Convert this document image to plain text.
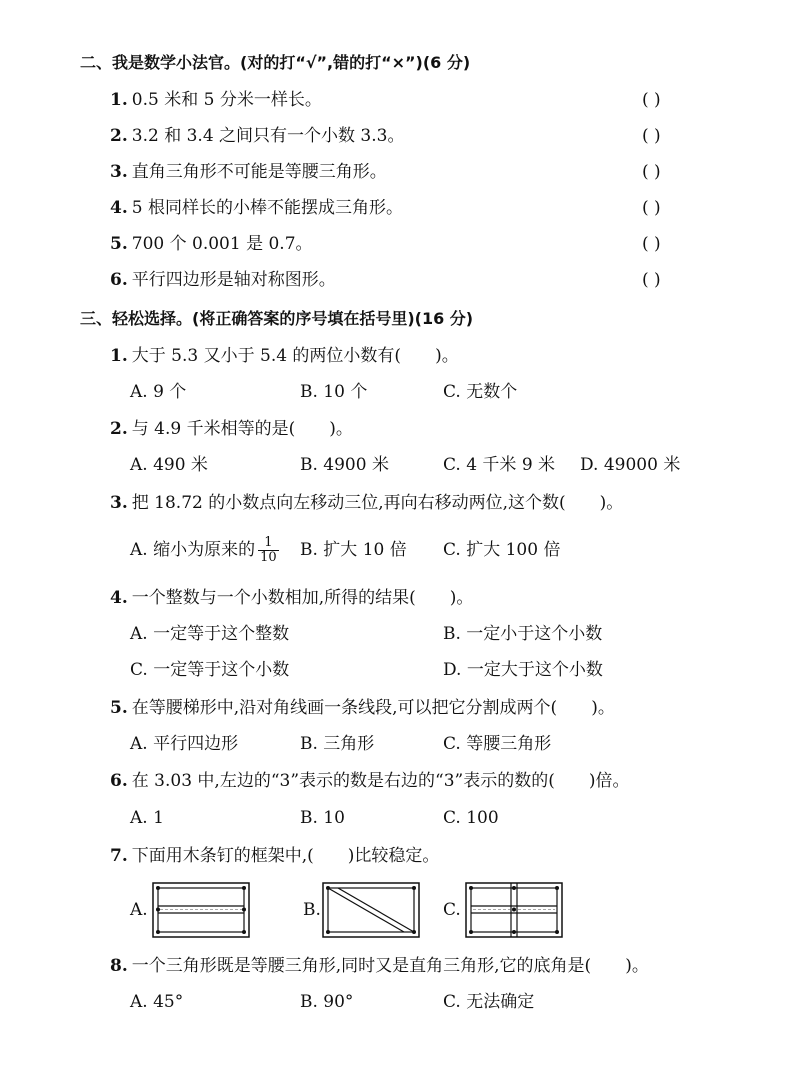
二、我是数学小法官。(对的打“√”,错的打“×”)(6 分)
1. 0.5 米和 5 分米一样长。	( )
2. 3.2 和 3.4 之间只有一个小数 3.3。	( )
3. 直角三角形不可能是等腰三角形。	( )
4. 5 根同样长的小棒不能摆成三角形。	( )
5. 700 个 0.001 是 0.7。	( )
6. 平行四边形是轴对称图形。	( )
三、轻松选择。(将正确答案的序号填在括号里)(16 分)
1. 大于 5.3 又小于 5.4 的两位小数有(　　)。
A. 9 个	B. 10 个	C. 无数个
2. 与 4.9 千米相等的是(　　)。
A. 490 米	B. 4900 米	C. 4 千米 9 米 D. 49000 米
3. 把 18.72 的小数点向左移动三位,再向右移动两位,这个数(　　)。
A. 缩小为原来的 $\frac{1}{10} B$. 扩大 10 倍 C. 扩大 100 倍
4. 一个整数与一个小数相加,所得的结果(　　)。
A. 一定等于这个整数	B. 一定小于这个小数
C. 一定等于这个小数	D. 一定大于这个小数
5. 在等腰梯形中,沿对角线画一条线段,可以把它分割成两个(　　)。
A. 平行四边形	B. 三角形	C. 等腰三角形
6. 在 3.03 中,左边的“3”表示的数是右边的“3”表示的数的(　　)倍。
A. 1	B. 10	C. 100
7. 下面用木条钉的框架中,(　　)比较稳定。
A.	B.	C.
8. 一个三角形既是等腰三角形,同时又是直角三角形,它的底角是(　　)。
A. 45°	B. 90°	C. 无法确定
